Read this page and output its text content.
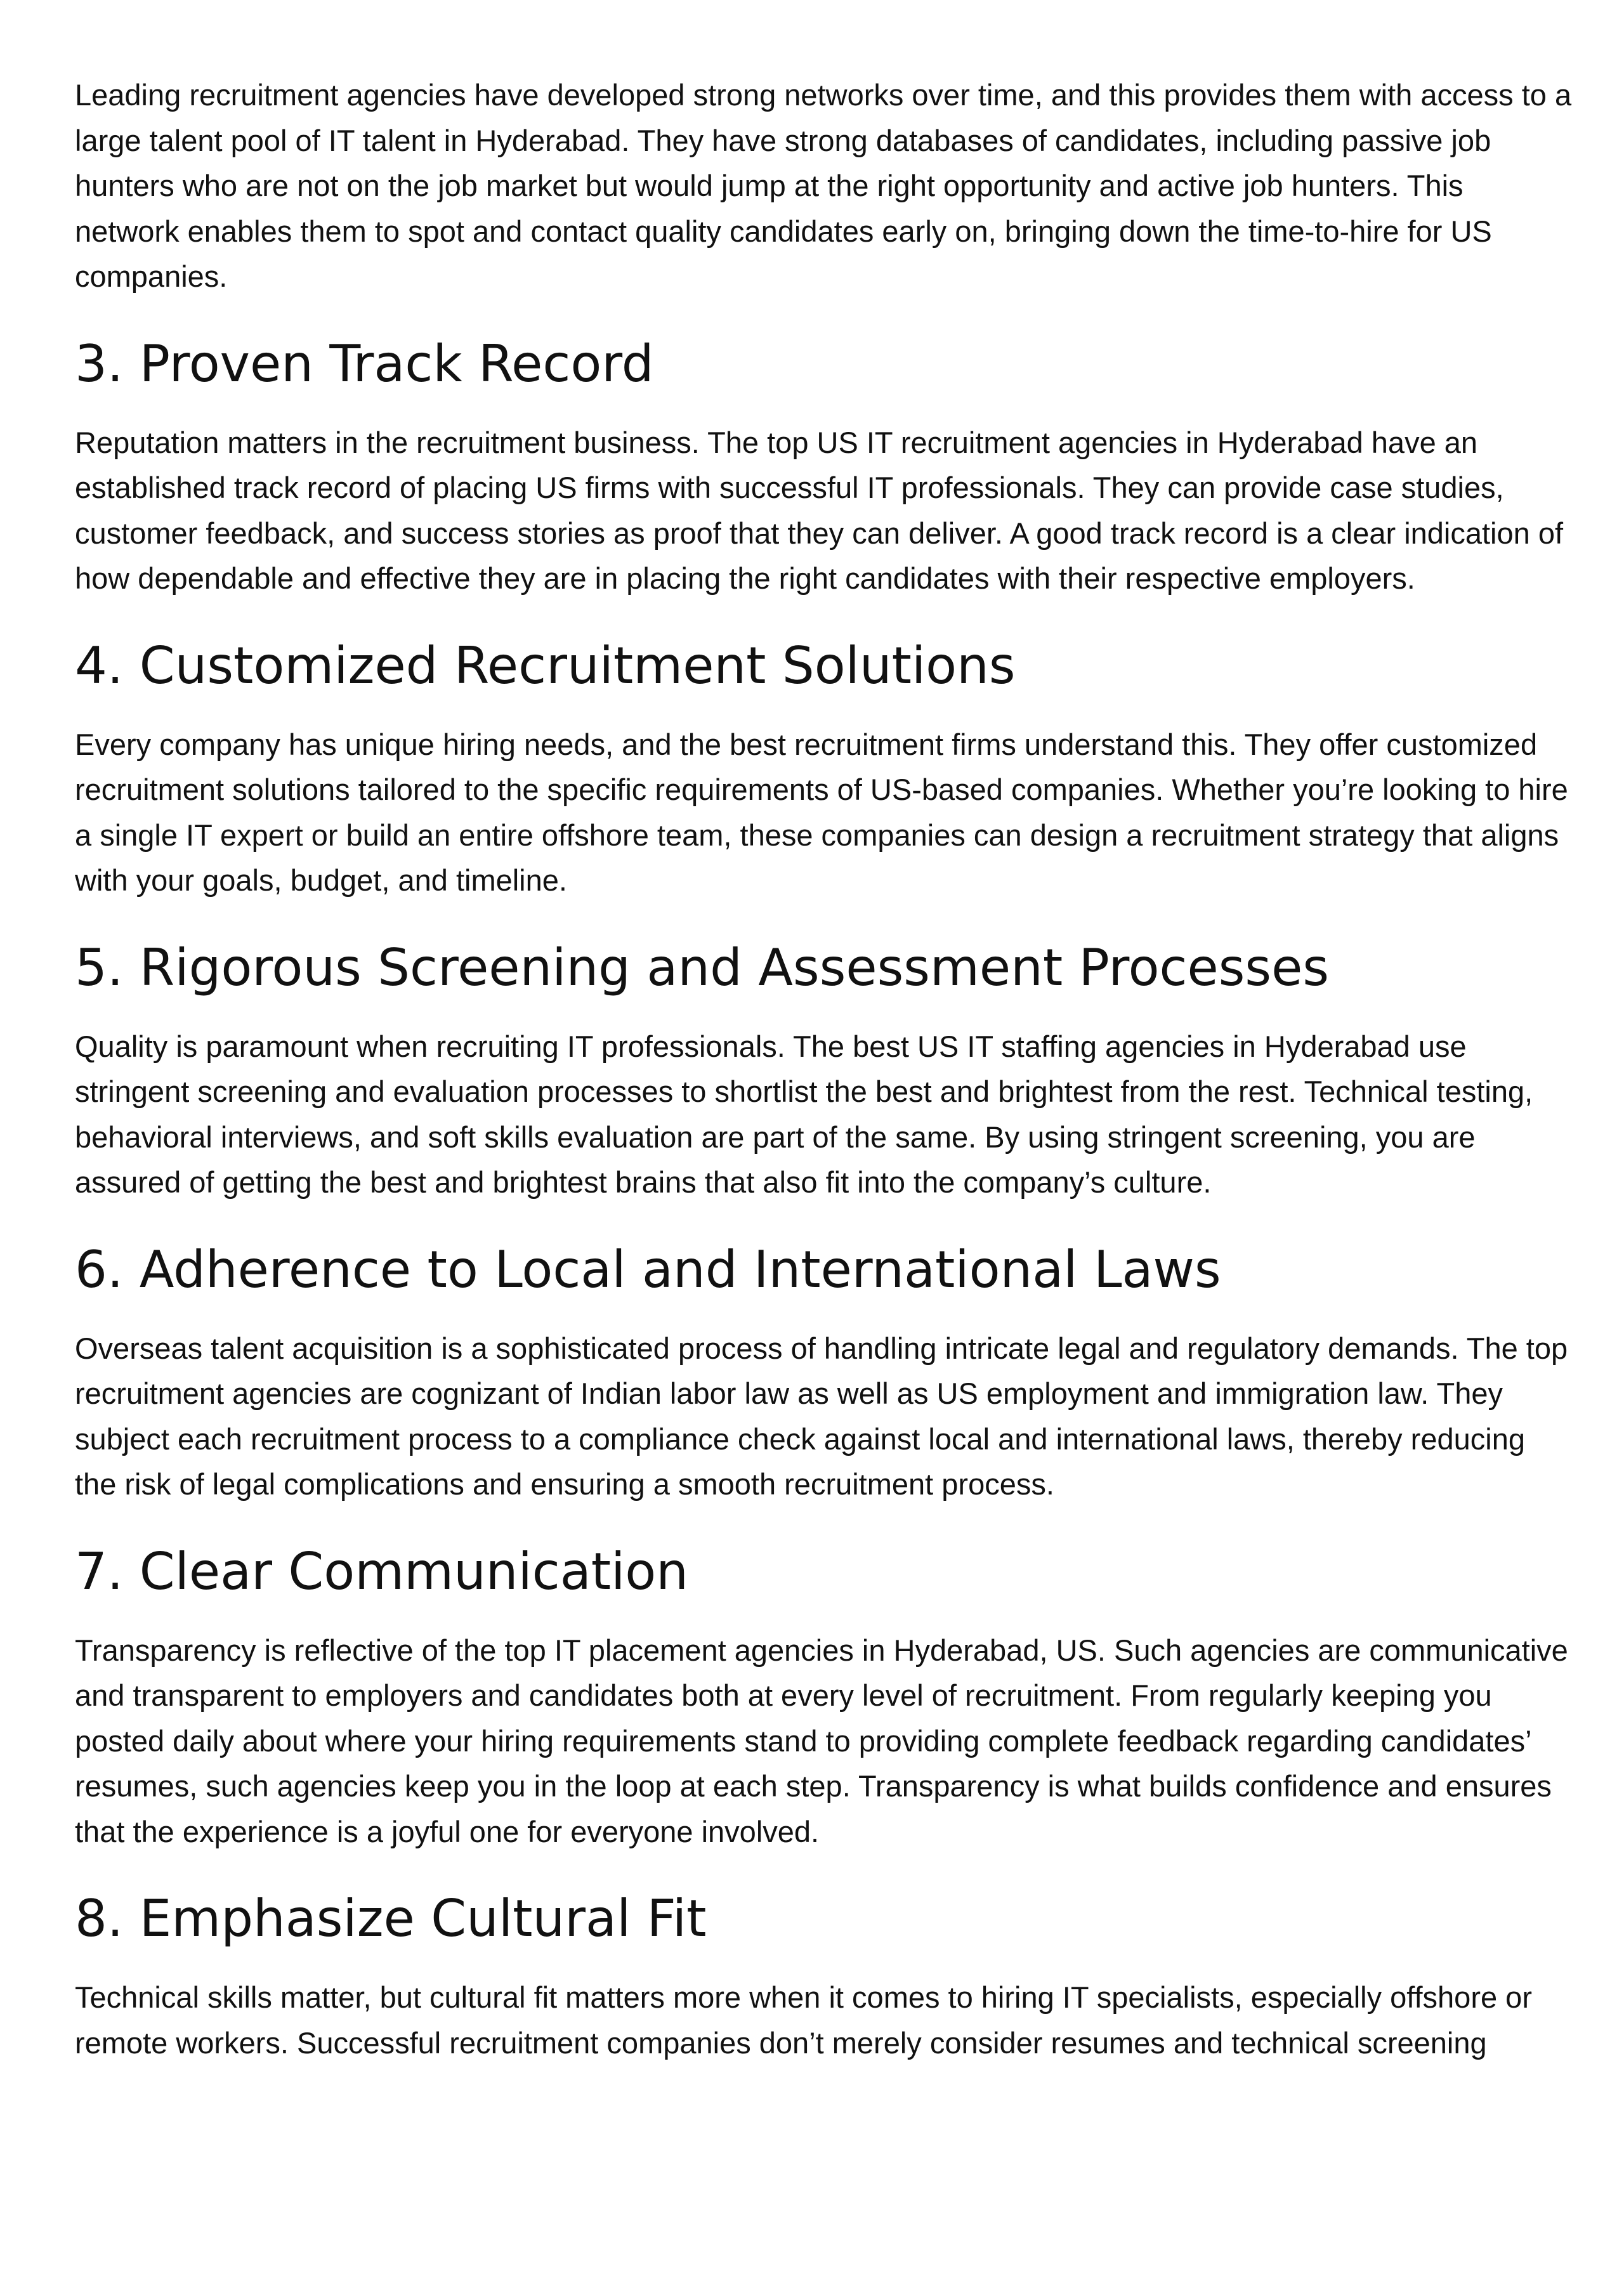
Leading recruitment agencies have developed strong networks over time, and this provides them with access to a large talent pool of IT talent in Hyderabad. They have strong databases of candidates, including passive job hunters who are not on the job market but would jump at the right opportunity and active job hunters. This network enables them to spot and contact quality candidates early on, bringing down the time-to-hire for US companies.

3. Proven Track Record

Reputation matters in the recruitment business. The top US IT recruitment agencies in Hyderabad have an established track record of placing US firms with successful IT professionals. They can provide case studies, customer feedback, and success stories as proof that they can deliver. A good track record is a clear indication of how dependable and effective they are in placing the right candidates with their respective employers.

4. Customized Recruitment Solutions

Every company has unique hiring needs, and the best recruitment firms understand this. They offer customized recruitment solutions tailored to the specific requirements of US-based companies. Whether you’re looking to hire a single IT expert or build an entire offshore team, these companies can design a recruitment strategy that aligns with your goals, budget, and timeline.

5. Rigorous Screening and Assessment Processes

Quality is paramount when recruiting IT professionals. The best US IT staffing agencies in Hyderabad use stringent screening and evaluation processes to shortlist the best and brightest from the rest. Technical testing, behavioral interviews, and soft skills evaluation are part of the same. By using stringent screening, you are assured of getting the best and brightest brains that also fit into the company’s culture.

6. Adherence to Local and International Laws

Overseas talent acquisition is a sophisticated process of handling intricate legal and regulatory demands. The top recruitment agencies are cognizant of Indian labor law as well as US employment and immigration law. They subject each recruitment process to a compliance check against local and international laws, thereby reducing the risk of legal complications and ensuring a smooth recruitment process.

7. Clear Communication

Transparency is reflective of the top IT placement agencies in Hyderabad, US. Such agencies are communicative and transparent to employers and candidates both at every level of recruitment. From regularly keeping you posted daily about where your hiring requirements stand to providing complete feedback regarding candidates’ resumes, such agencies keep you in the loop at each step. Transparency is what builds confidence and ensures that the experience is a joyful one for everyone involved.

8. Emphasize Cultural Fit

Technical skills matter, but cultural fit matters more when it comes to hiring IT specialists, especially offshore or remote workers. Successful recruitment companies don’t merely consider resumes and technical screening
